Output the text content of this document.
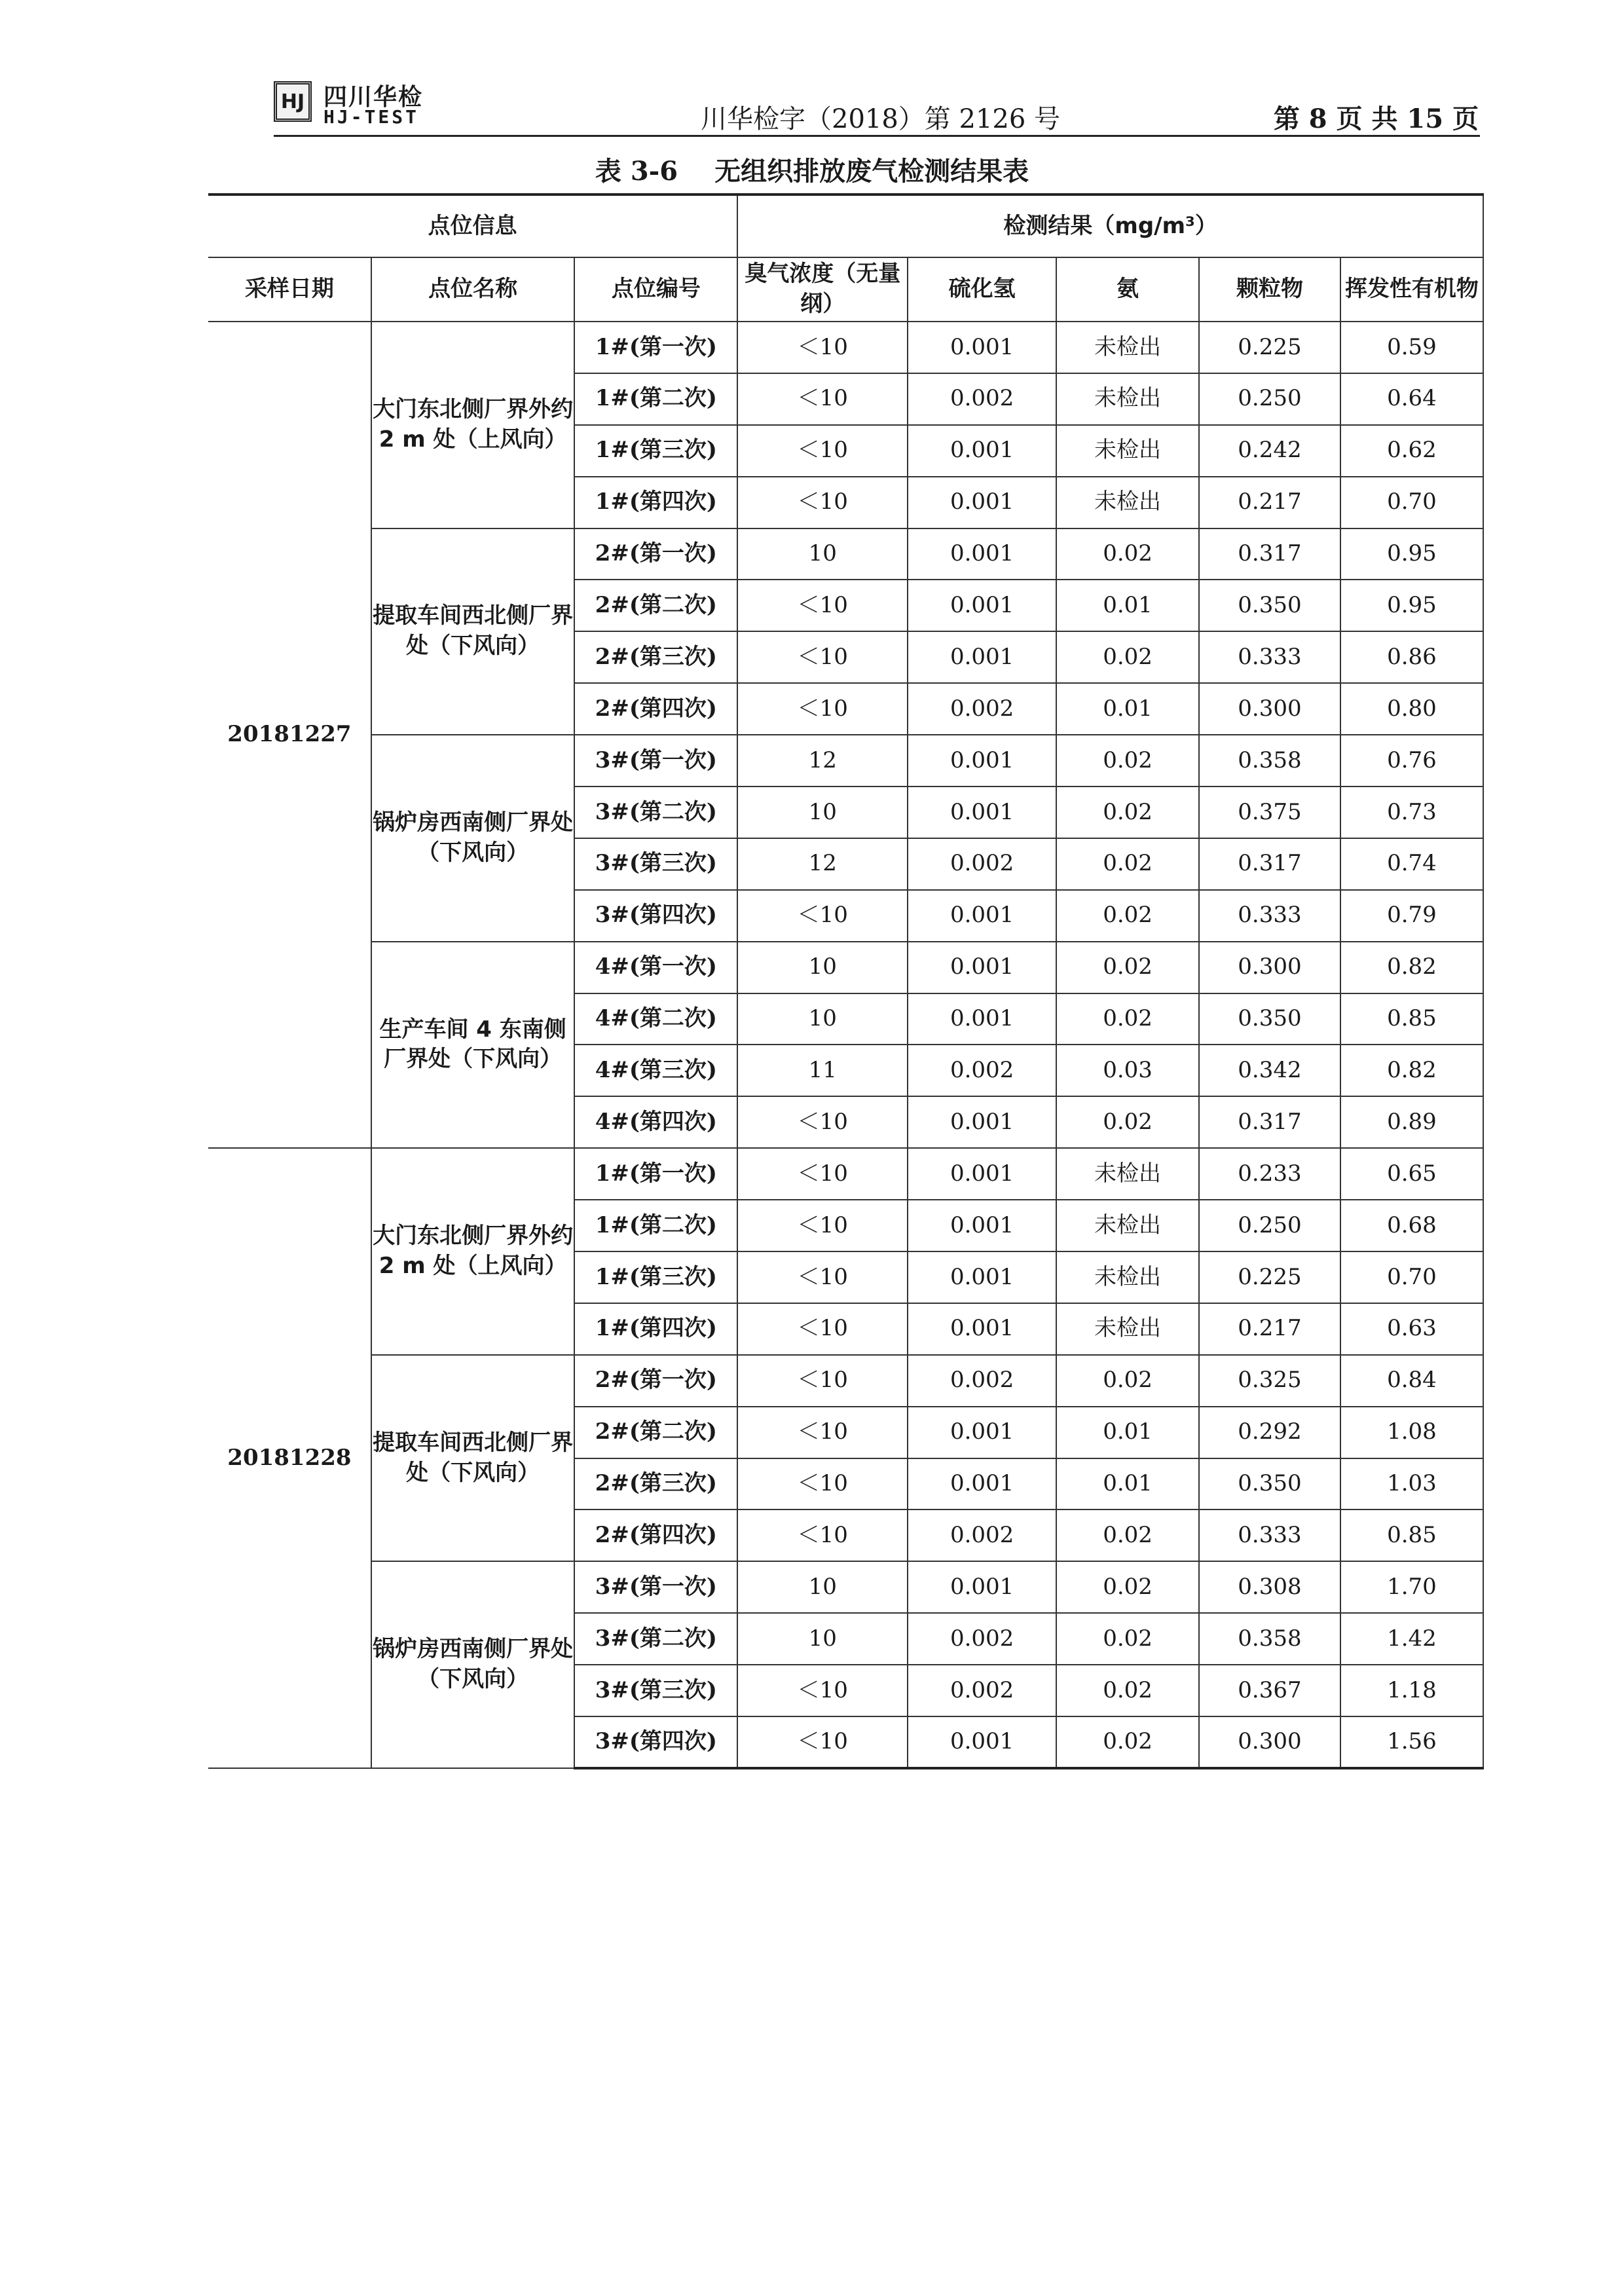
HJ 四川华检
HJ-TEST	川华检字（2018）第 2126 号	第 8 页 共 15 页
表 3-6 无组织排放废气检测结果表
点位信息			检测结果（mg/m³）				
采样日期	点位名称	点位编号	臭气浓度（无量纲）	硫化氢	氨	颗粒物	挥发性有机物
20181227	大门东北侧厂界外约 2 m 处（上风向）	1#(第一次)	＜10	0.001	未检出	0.225	0.59
		1#(第二次)	＜10	0.002	未检出	0.250	0.64
		1#(第三次)	＜10	0.001	未检出	0.242	0.62
		1#(第四次)	＜10	0.001	未检出	0.217	0.70
	提取车间西北侧厂界处（下风向）	2#(第一次)	10	0.001	0.02	0.317	0.95
		2#(第二次)	＜10	0.001	0.01	0.350	0.95
		2#(第三次)	＜10	0.001	0.02	0.333	0.86
		2#(第四次)	＜10	0.002	0.01	0.300	0.80
	锅炉房西南侧厂界处（下风向）	3#(第一次)	12	0.001	0.02	0.358	0.76
		3#(第二次)	10	0.001	0.02	0.375	0.73
		3#(第三次)	12	0.002	0.02	0.317	0.74
		3#(第四次)	＜10	0.001	0.02	0.333	0.79
	生产车间 4 东南侧厂界处（下风向）	4#(第一次)	10	0.001	0.02	0.300	0.82
		4#(第二次)	10	0.001	0.02	0.350	0.85
		4#(第三次)	11	0.002	0.03	0.342	0.82
		4#(第四次)	＜10	0.001	0.02	0.317	0.89
20181228	大门东北侧厂界外约 2 m 处（上风向）	1#(第一次)	＜10	0.001	未检出	0.233	0.65
		1#(第二次)	＜10	0.001	未检出	0.250	0.68
		1#(第三次)	＜10	0.001	未检出	0.225	0.70
		1#(第四次)	＜10	0.001	未检出	0.217	0.63
	提取车间西北侧厂界处（下风向）	2#(第一次)	＜10	0.002	0.02	0.325	0.84
		2#(第二次)	＜10	0.001	0.01	0.292	1.08
		2#(第三次)	＜10	0.001	0.01	0.350	1.03
		2#(第四次)	＜10	0.002	0.02	0.333	0.85
	锅炉房西南侧厂界处（下风向）	3#(第一次)	10	0.001	0.02	0.308	1.70
		3#(第二次)	10	0.002	0.02	0.358	1.42
		3#(第三次)	＜10	0.002	0.02	0.367	1.18
		3#(第四次)	＜10	0.001	0.02	0.300	1.56
